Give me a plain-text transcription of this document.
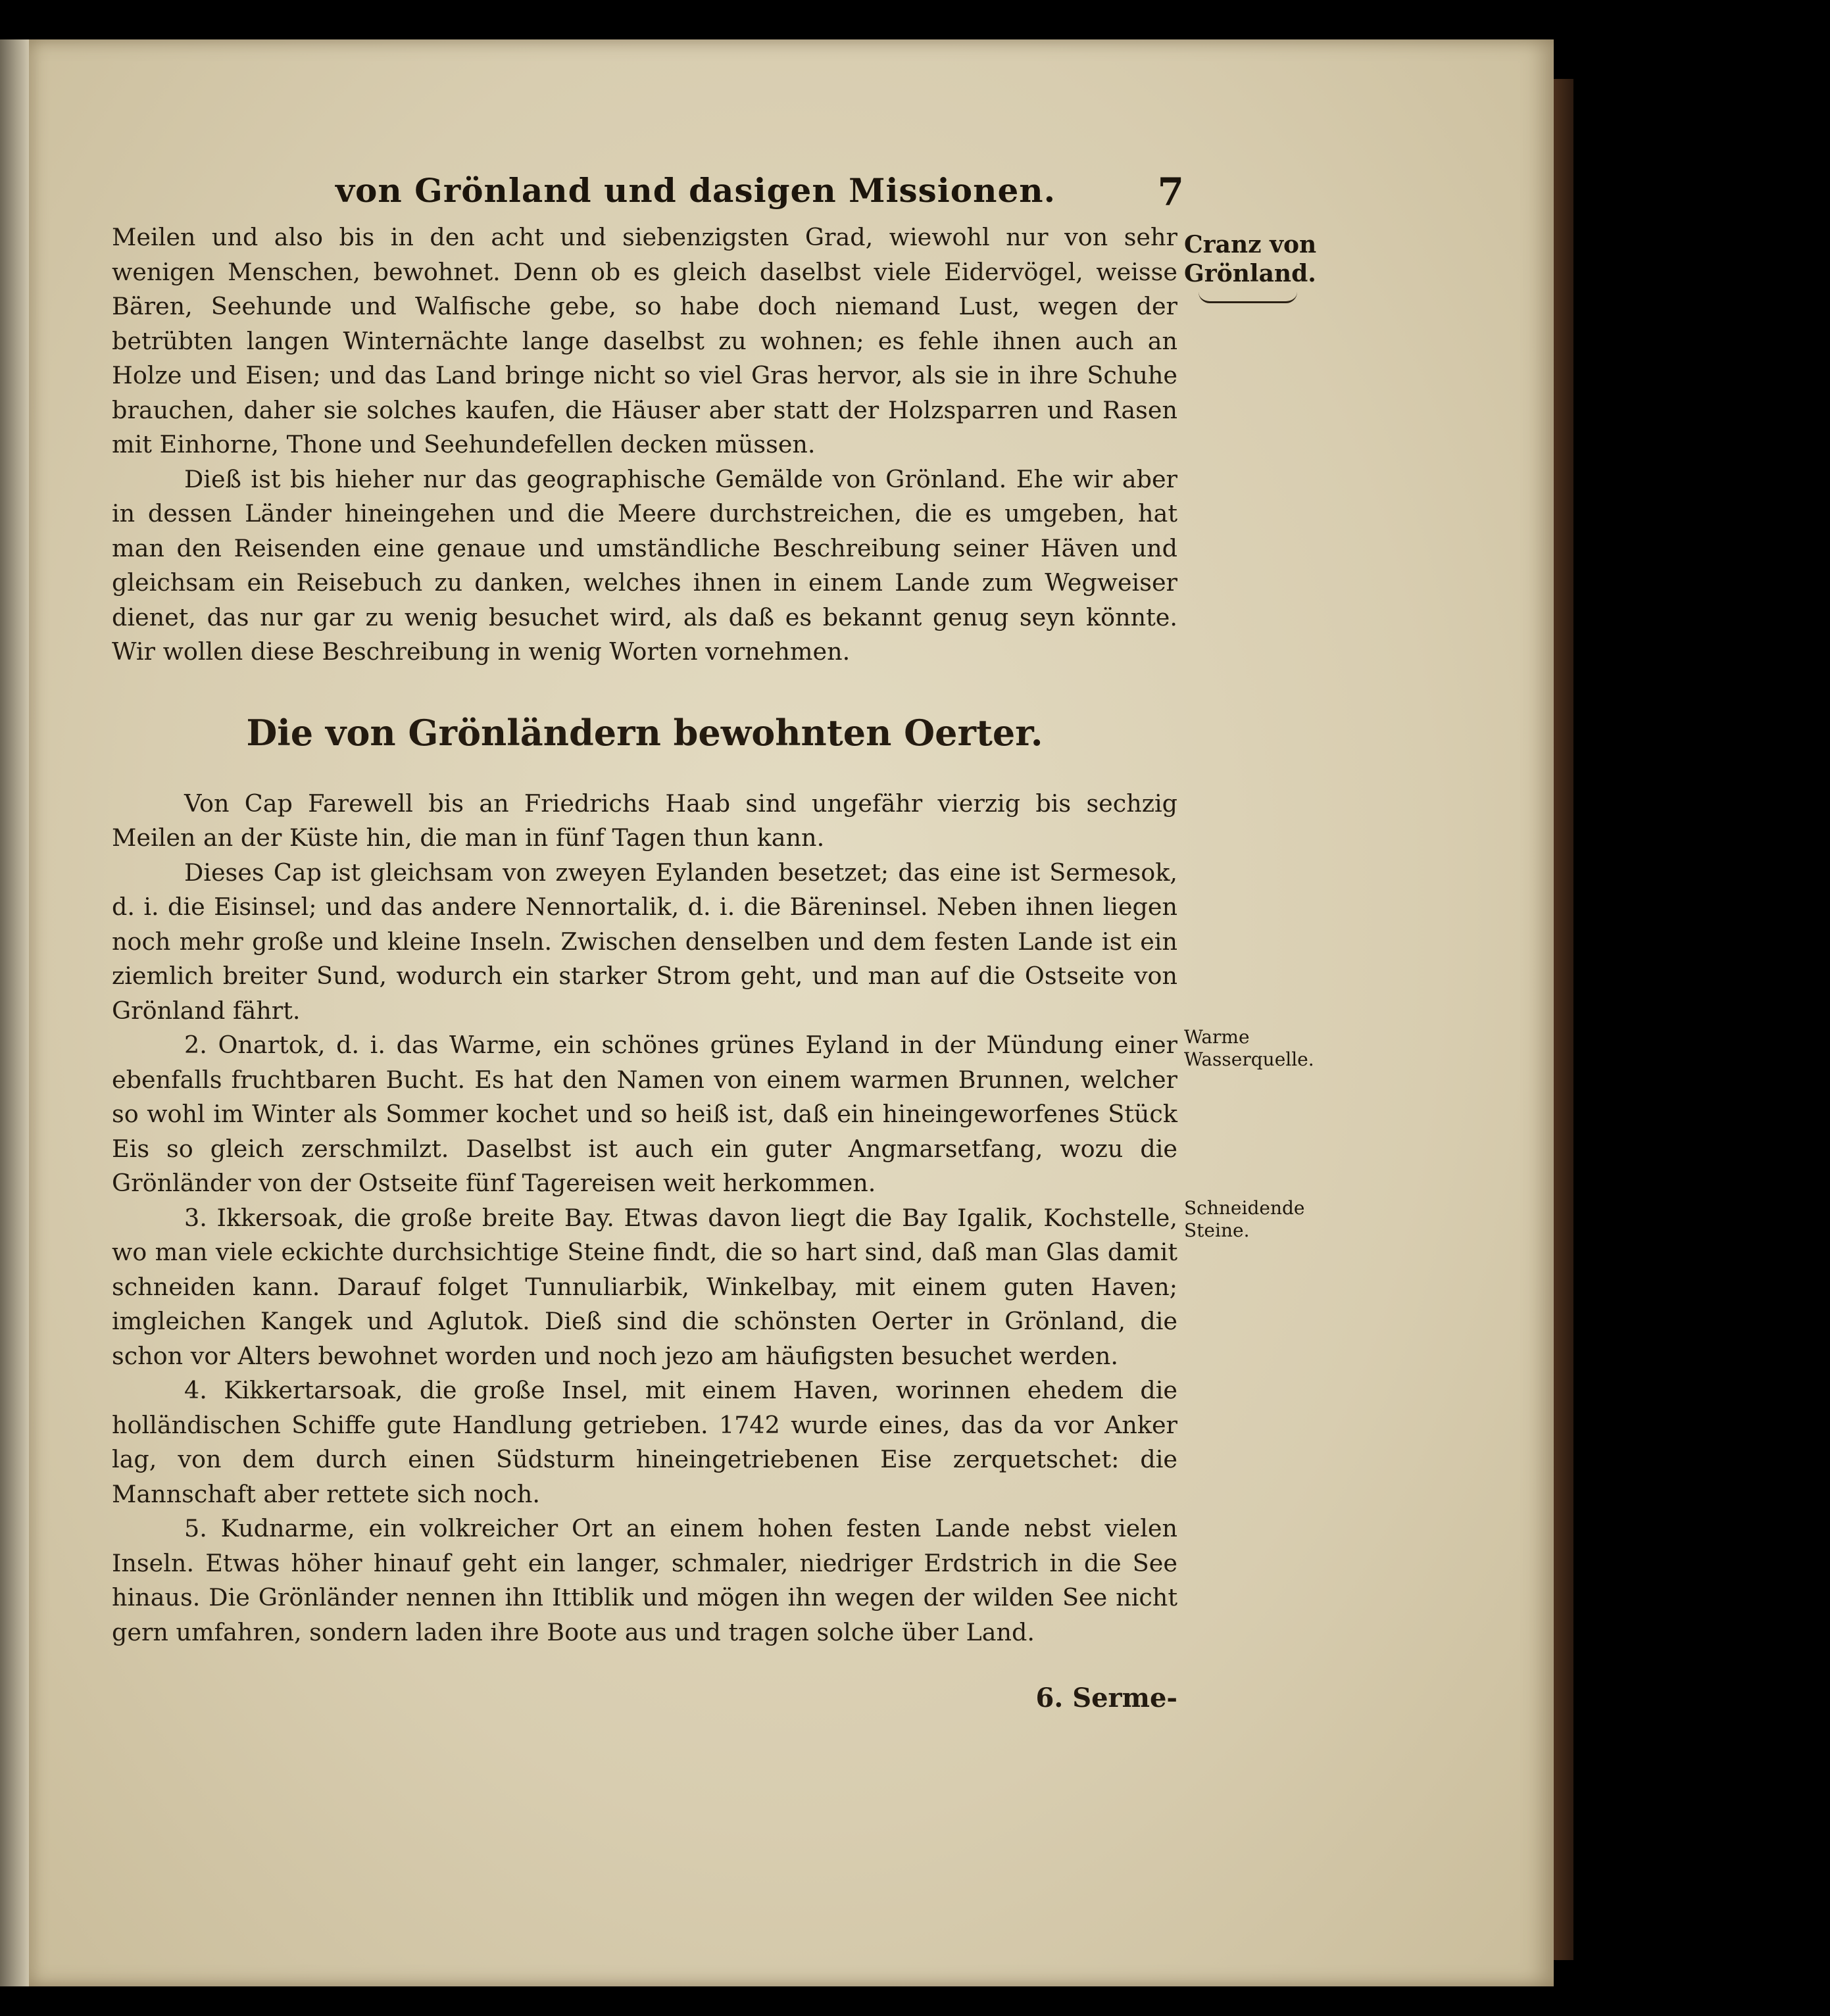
von Grönland und dasigen Missionen.	7
Cranz von Grönland.
Warme Wasserquelle.
Schneidende Steine.

Meilen und also bis in den acht und siebenzigsten Grad, wiewohl nur von sehr wenigen Menschen, bewohnet. Denn ob es gleich daselbst viele Eidervögel, weisse Bären, Seehunde und Walfische gebe, so habe doch niemand Lust, wegen der betrübten langen Winternächte lange daselbst zu wohnen; es fehle ihnen auch an Holze und Eisen; und das Land bringe nicht so viel Gras hervor, als sie in ihre Schuhe brauchen, daher sie solches kaufen, die Häuser aber statt der Holzsparren und Rasen mit Einhorne, Thone und Seehundefellen decken müssen.

Dieß ist bis hieher nur das geographische Gemälde von Grönland. Ehe wir aber in dessen Länder hineingehen und die Meere durchstreichen, die es umgeben, hat man den Reisenden eine genaue und umständliche Beschreibung seiner Häven und gleichsam ein Reisebuch zu danken, welches ihnen in einem Lande zum Wegweiser dienet, das nur gar zu wenig besuchet wird, als daß es bekannt genug seyn könnte. Wir wollen diese Beschreibung in wenig Worten vornehmen.

Die von Grönländern bewohnten Oerter.

Von Cap Farewell bis an Friedrichs Haab sind ungefähr vierzig bis sechzig Meilen an der Küste hin, die man in fünf Tagen thun kann.

Dieses Cap ist gleichsam von zweyen Eylanden besetzet; das eine ist Sermesok, d. i. die Eisinsel; und das andere Nennortalik, d. i. die Bäreninsel. Neben ihnen liegen noch mehr große und kleine Inseln. Zwischen denselben und dem festen Lande ist ein ziemlich breiter Sund, wodurch ein starker Strom geht, und man auf die Ostseite von Grönland fährt.

2. Onartok, d. i. das Warme, ein schönes grünes Eyland in der Mündung einer ebenfalls fruchtbaren Bucht. Es hat den Namen von einem warmen Brunnen, welcher so wohl im Winter als Sommer kochet und so heiß ist, daß ein hineingeworfenes Stück Eis so gleich zerschmilzt. Daselbst ist auch ein guter Angmarsetfang, wozu die Grönländer von der Ostseite fünf Tagereisen weit herkommen.

3. Ikkersoak, die große breite Bay. Etwas davon liegt die Bay Igalik, Kochstelle, wo man viele eckichte durchsichtige Steine findt, die so hart sind, daß man Glas damit schneiden kann. Darauf folget Tunnuliarbik, Winkelbay, mit einem guten Haven; imgleichen Kangek und Aglutok. Dieß sind die schönsten Oerter in Grönland, die schon vor Alters bewohnet worden und noch jezo am häufigsten besuchet werden.

4. Kikkertarsoak, die große Insel, mit einem Haven, worinnen ehedem die holländischen Schiffe gute Handlung getrieben. 1742 wurde eines, das da vor Anker lag, von dem durch einen Südsturm hineingetriebenen Eise zerquetschet: die Mannschaft aber rettete sich noch.

5. Kudnarme, ein volkreicher Ort an einem hohen festen Lande nebst vielen Inseln. Etwas höher hinauf geht ein langer, schmaler, niedriger Erdstrich in die See hinaus. Die Grönländer nennen ihn Ittiblik und mögen ihn wegen der wilden See nicht gern umfahren, sondern laden ihre Boote aus und tragen solche über Land.

6. Serme-
